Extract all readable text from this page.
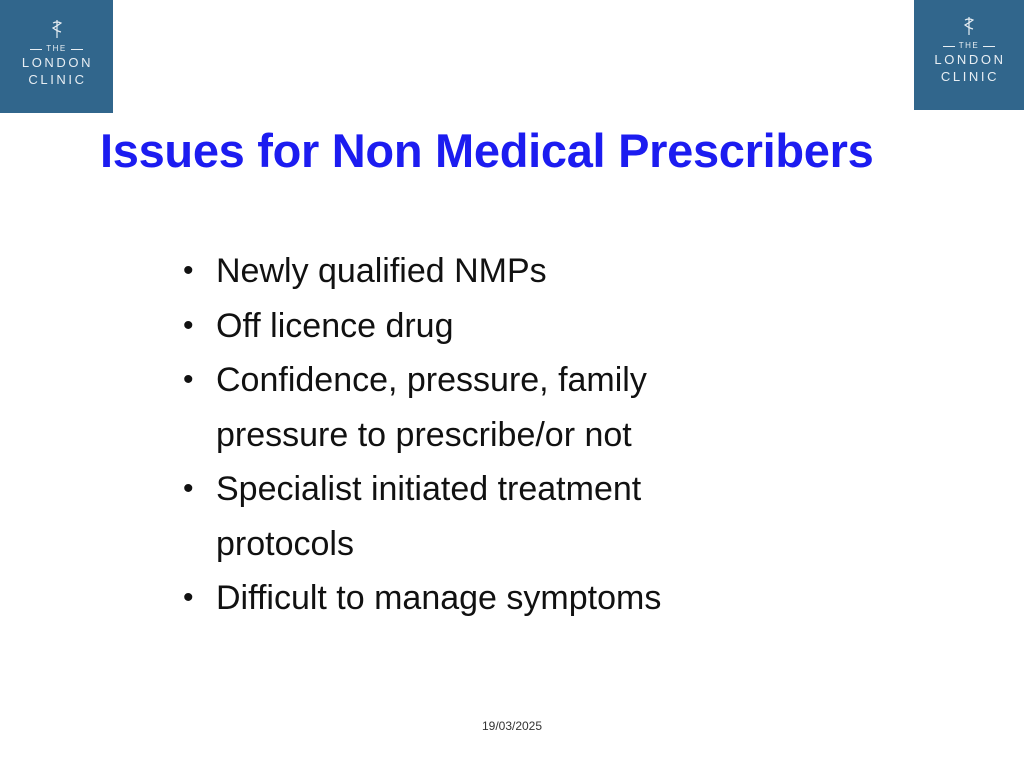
THE
LONDON
CLINIC
THE
LONDON
CLINIC
Issues for Non Medical Prescribers
• Newly qualified NMPs
• Off licence drug
• Confidence, pressure, family
pressure to prescribe/or not
• Specialist initiated treatment
protocols
• Difficult to manage symptoms
19/03/2025
